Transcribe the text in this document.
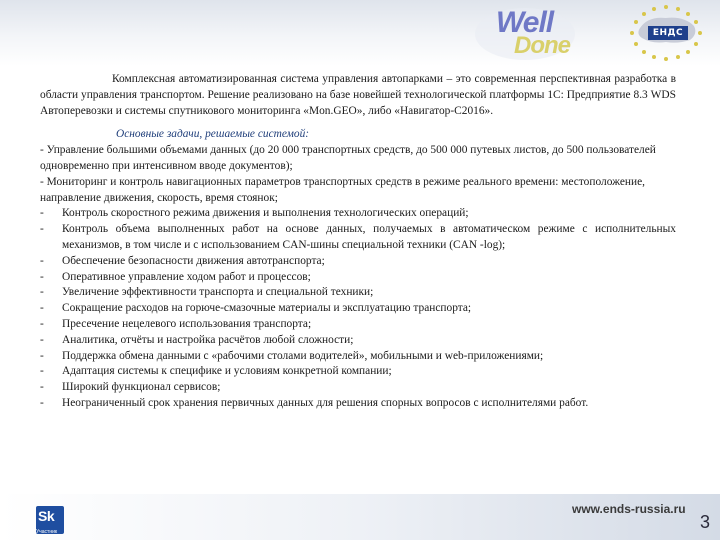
Well
Done	ЕНДС

Комплексная автоматизированная система управления автопарками – это современная перспективная разработка в области управления транспортом. Решение реализовано на базе новейшей технологической платформы 1С: Предприятие 8.3 WDS Автоперевозки и системы спутникового мониторинга «Mon.GEO», либо «Навигатор-С2016».

Основные задачи, решаемые системой:

- Управление большими объемами данных (до 20 000 транспортных средств, до 500 000 путевых листов, до 500 пользователей одновременно при интенсивном вводе документов);

- Мониторинг и контроль навигационных параметров транспортных средств в режиме реального времени: местоположение, направление движения, скорость, время стоянок;

- Контроль скоростного режима движения и выполнения технологических операций;
- Контроль объема выполненных работ на основе данных, получаемых в автоматическом режиме с исполнительных механизмов, в том числе и с использованием CAN-шины специальной техники (CAN -log);
- Обеспечение безопасности движения автотранспорта;
- Оперативное управление ходом работ и процессов;
- Увеличение эффективности транспорта и специальной техники;
- Сокращение расходов на горюче-смазочные материалы и эксплуатацию транспорта;
- Пресечение нецелевого использования транспорта;
- Аналитика, отчёты и настройка расчётов любой сложности;
- Поддержка обмена данными с «рабочими столами водителей», мобильными и web-приложениями;
- Адаптация системы к специфике и условиям конкретной компании;
- Широкий функционал сервисов;
- Неограниченный срок хранения первичных данных для решения спорных вопросов с исполнителями работ.
Sk
Участник
www.ends-russia.ru
3
